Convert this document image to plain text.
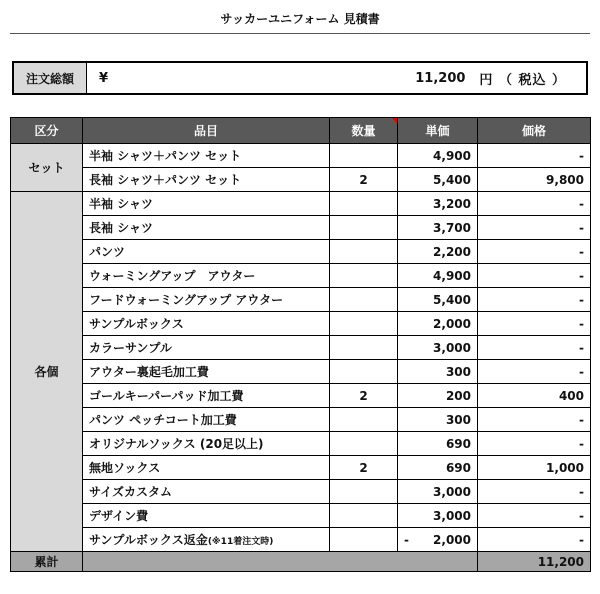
サッカーユニフォーム 見積書
注文総額	¥	11,200	円 （ 税込 ）
区分	品目	数量	単価	価格
セット	半袖 シャツ＋パンツ セット		4,900	-
	長袖 シャツ＋パンツ セット	2	5,400	9,800
各個	半袖 シャツ		3,200	-
	長袖 シャツ		3,700	-
	パンツ		2,200	-
	ウォーミングアップ　アウター		4,900	-
	フードウォーミングアップ アウター		5,400	-
	サンプルボックス		2,000	-
	カラーサンプル		3,000	-
	アウター裏起毛加工費		300	-
	ゴールキーパーパッド加工費	2	200	400
	パンツ ペッチコート加工費		300	-
	オリジナルソックス (20足以上)		690	-
	無地ソックス	2	690	1,000
	サイズカスタム		3,000	-
	デザイン費		3,000	-
	サンプルボックス返金(※11着注文時)		- 2,000	-
累計				11,200
